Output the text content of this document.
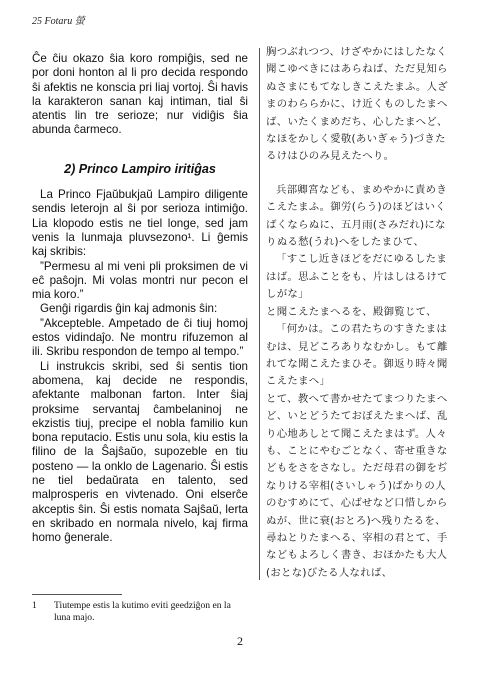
25 Fotaru 螢

Ĉe ĉiu okazo ŝia koro rompiĝis, sed ne por doni honton al li pro decida respondo ŝi afektis ne konscia pri liaj vortoj. Ŝi havis la karakteron sanan kaj intiman, tial ŝi atentis lin tre serioze; nur vidiĝis ŝia abunda ĉarmeco.

2) Princo Lampiro iritiĝas

La Princo Fjaŭbukjaŭ Lampiro diligente sendis leterojn al ŝi por serioza intimiĝo. Lia klopodo estis ne tiel longe, sed jam venis la lunmaja pluvsezono¹. Li ĝemis kaj skribis:

”Permesu al mi veni pli proksimen de vi eĉ paŝojn. Mi volas montri nur pecon el mia koro.”

Genĝi rigardis ĝin kaj admonis ŝin:

”Akcepteble. Ampetado de ĉi tiuj homoj estos vidindaĵo. Ne montru rifuzemon al ili. Skribu respondon de tempo al tempo.”

Li instrukcis skribi, sed ŝi sentis tion abomena, kaj decide ne respondis, afektante malbonan farton. Inter ŝiaj proksime servantaj ĉambelaninoj ne ekzistis tiuj, precipe el nobla familio kun bona reputacio. Estis unu sola, kiu estis la filino de la Ŝajŝaŭo, supozeble en tiu posteno — la onklo de Lagenario. Ŝi estis ne tiel bedaŭrata en talento, sed malprosperis en vivtenado. Oni elserĉe akceptis ŝin. Ŝi estis nomata Sajŝaŭ, lerta en skribado en normala nivelo, kaj firma homo ĝenerale.

胸つぶれつつ、けざやかにはしたなく聞こゆべきにはあらねば、ただ見知らぬさまにもてなしきこえたまふ。人ざまのわららかに、け近くものしたまへば、いたくまめだち、心したまへど、なほをかしく愛敬(あいぎゃう)づきたるけはひのみ見えたへり。

兵部卿宮なども、まめやかに責めきこえたまふ。御労(らう)のほどはいくばくならぬに、五月雨(さみだれ)になりぬる愁(うれ)へをしたまひて、

「すこし近きほどをだにゆるしたまはば。思ふことをも、片はしはるけてしがな」

と聞こえたまへるを、殿御覧じて、

「何かは。この君たちのすきたまはむは、見どころありなむかし。もて離れてな聞こえたまひそ。御返り時々聞こえたまへ」

とて、教へて書かせたてまつりたまへど、いとどうたておぼえたまへば、乱り心地あしとて聞こえたまはず。人々も、ことにやむごとなく、寄せ重きなどもをさをさなし。ただ母君の御をぢなりける宰相(さいしゃう)ばかりの人のむすめにて、心ばせなど口惜しからぬが、世に衰(おとろ)へ残りたるを、尋ねとりたまへる、宰相の君とて、手などもよろしく書き、おほかたも大人(おとな)びたる人なれば、

1	Tiutempe estis la kutimo eviti geedziĝon en la luna majo.
2
